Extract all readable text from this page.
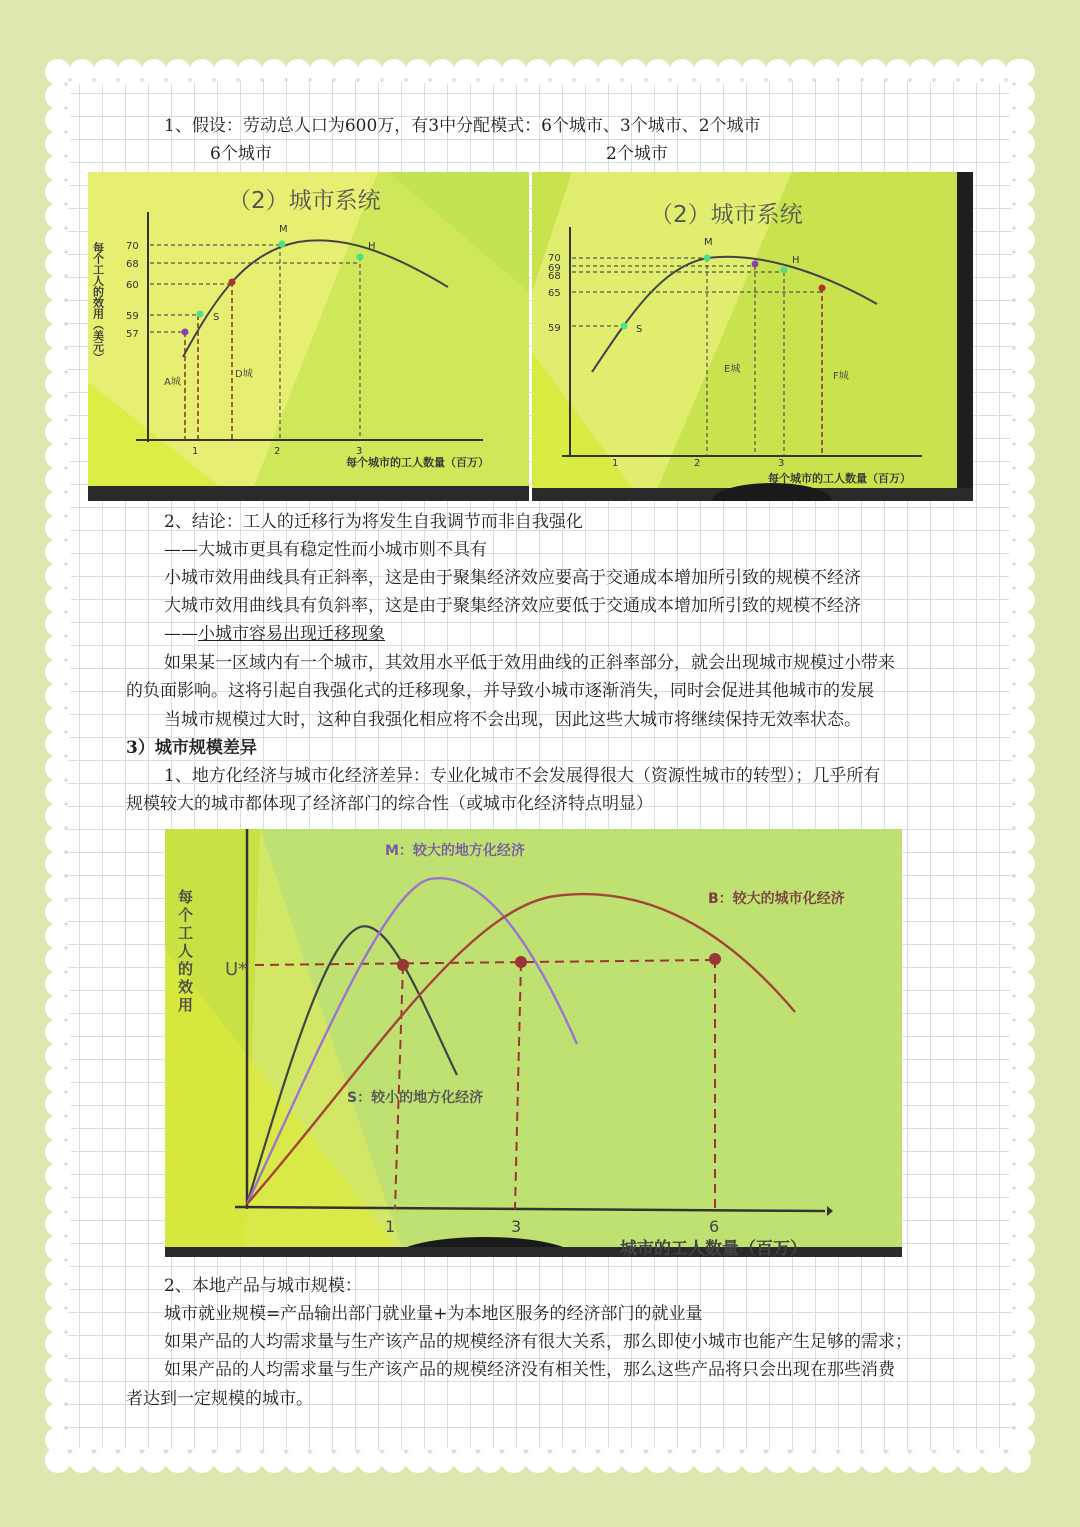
1、假设：劳动总人口为600万，有3中分配模式：6个城市、3个城市、2个城市
6个城市	2个城市
（2）城市系统
每个工人的效用（美元） 70
68
60
59
57
M
H
S
A城
D城
1	2	3
每个城市的工人数量（百万）
（2）城市系统
70
69
68
65
59
M
H
S
E城
F城
1	2	3
每个城市的工人数量（百万）
2、结论：工人的迁移行为将发生自我调节而非自我强化
——大城市更具有稳定性而小城市则不具有
小城市效用曲线具有正斜率，这是由于聚集经济效应要高于交通成本增加所引致的规模不经济
大城市效用曲线具有负斜率，这是由于聚集经济效应要低于交通成本增加所引致的规模不经济
——小城市容易出现迁移现象
如果某一区域内有一个城市，其效用水平低于效用曲线的正斜率部分，就会出现城市规模过小带来
的负面影响。这将引起自我强化式的迁移现象，并导致小城市逐渐消失，同时会促进其他城市的发展
当城市规模过大时，这种自我强化相应将不会出现，因此这些大城市将继续保持无效率状态。
3）城市规模差异
1、地方化经济与城市化经济差异：专业化城市不会发展得很大（资源性城市的转型）；几乎所有
规模较大的城市都体现了经济部门的综合性（或城市化经济特点明显）
每个工人的效用 U*
M：较大的地方化经济
B：较大的城市化经济
S：较小的地方化经济
1	3	6
城市的工人数量（百万）
2、本地产品与城市规模：
城市就业规模=产品输出部门就业量+为本地区服务的经济部门的就业量
如果产品的人均需求量与生产该产品的规模经济有很大关系，那么即使小城市也能产生足够的需求；
如果产品的人均需求量与生产该产品的规模经济没有相关性，那么这些产品将只会出现在那些消费
者达到一定规模的城市。
